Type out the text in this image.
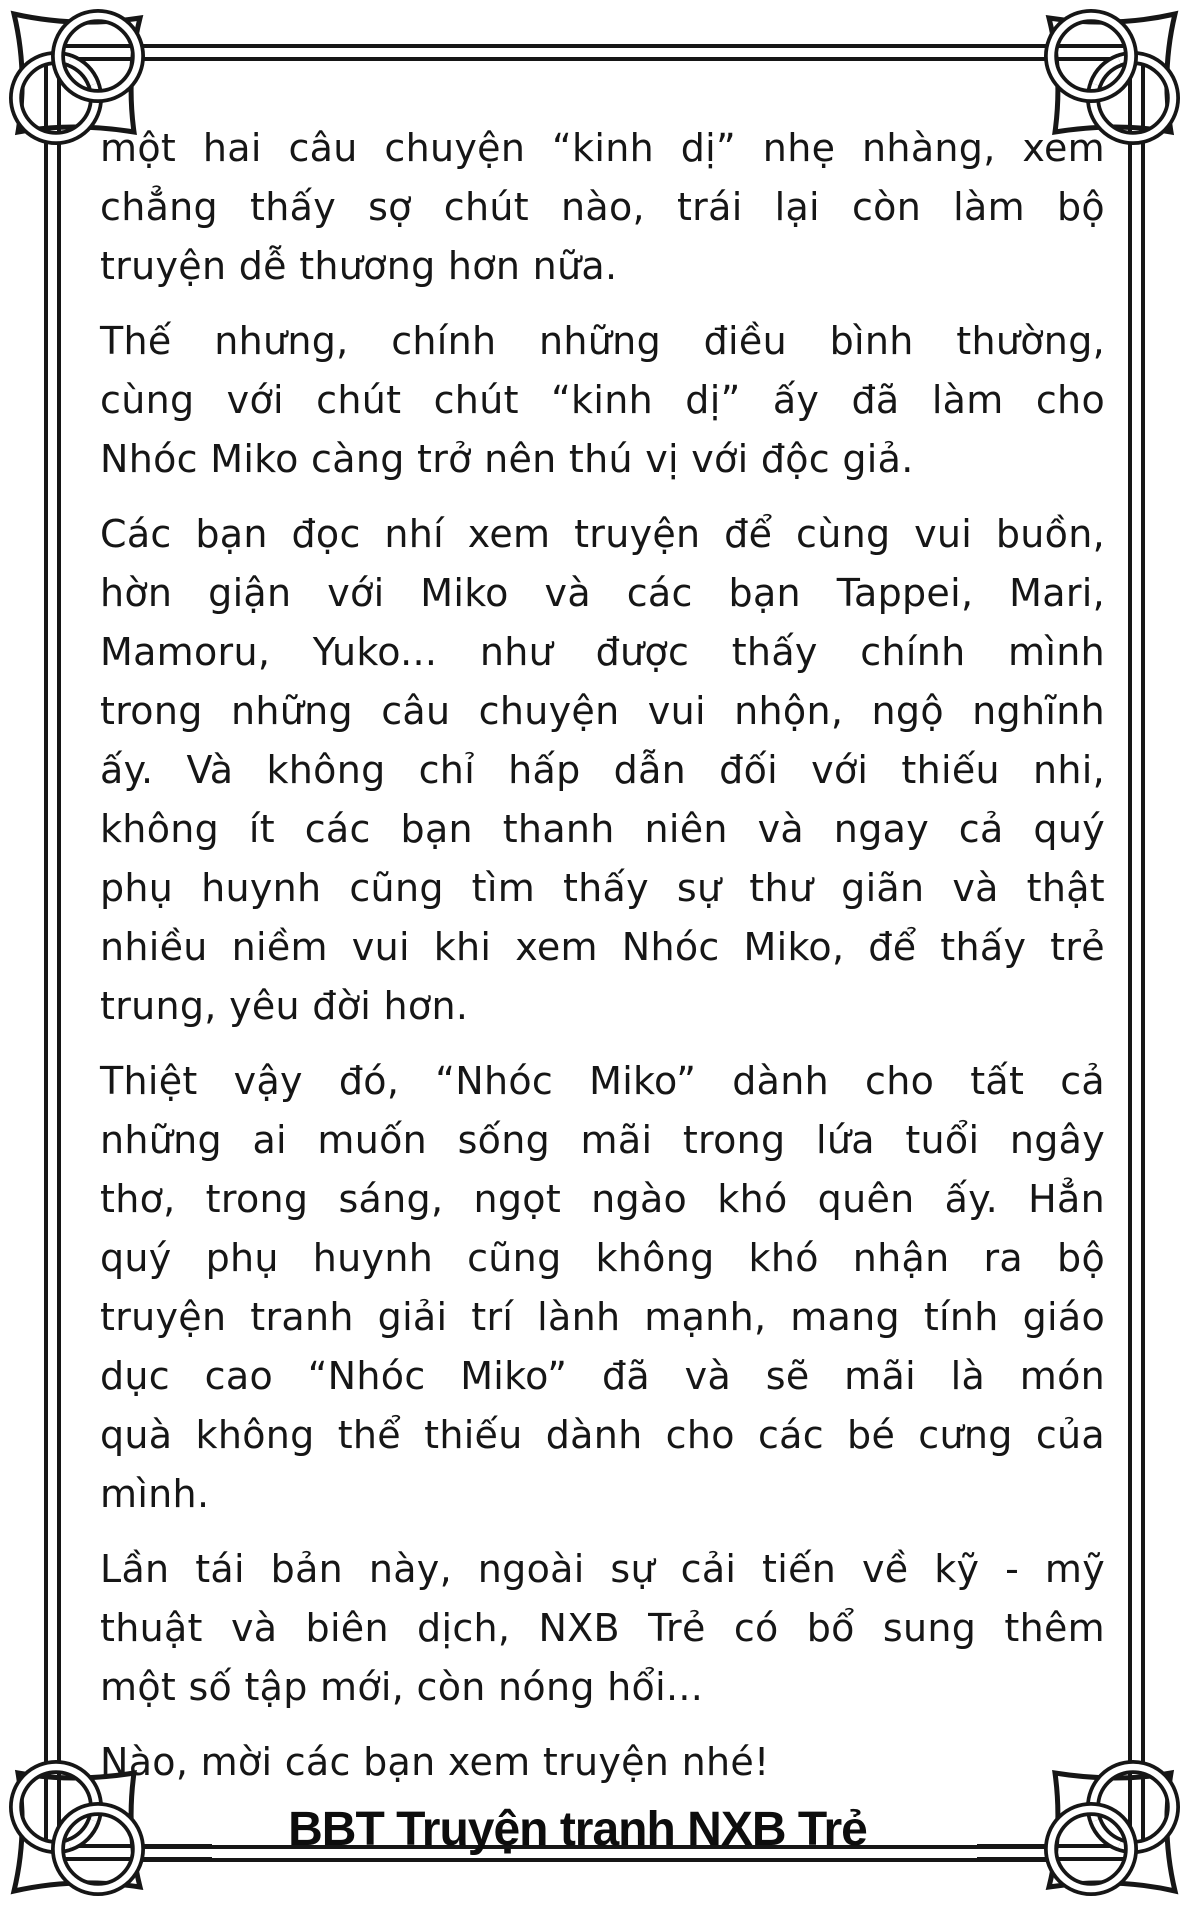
một hai câu chuyện “kinh dị” nhẹ nhàng, xem
chẳng thấy sợ chút nào, trái lại còn làm bộ
truyện dễ thương hơn nữa.
Thế nhưng, chính những điều bình thường,
cùng với chút chút “kinh dị” ấy đã làm cho
Nhóc Miko càng trở nên thú vị với độc giả.
Các bạn đọc nhí xem truyện để cùng vui buồn,
hờn giận với Miko và các bạn Tappei, Mari,
Mamoru, Yuko... như được thấy chính mình
trong những câu chuyện vui nhộn, ngộ nghĩnh
ấy. Và không chỉ hấp dẫn đối với thiếu nhi,
không ít các bạn thanh niên và ngay cả quý
phụ huynh cũng tìm thấy sự thư giãn và thật
nhiều niềm vui khi xem Nhóc Miko, để thấy trẻ
trung, yêu đời hơn.
Thiệt vậy đó, “Nhóc Miko” dành cho tất cả
những ai muốn sống mãi trong lứa tuổi ngây
thơ, trong sáng, ngọt ngào khó quên ấy. Hẳn
quý phụ huynh cũng không khó nhận ra bộ
truyện tranh giải trí lành mạnh, mang tính giáo
dục cao “Nhóc Miko” đã và sẽ mãi là món
quà không thể thiếu dành cho các bé cưng của
mình.
Lần tái bản này, ngoài sự cải tiến về kỹ - mỹ
thuật và biên dịch, NXB Trẻ có bổ sung thêm
một số tập mới, còn nóng hổi...
Nào, mời các bạn xem truyện nhé!
BBT Truyện tranh NXB Trẻ
